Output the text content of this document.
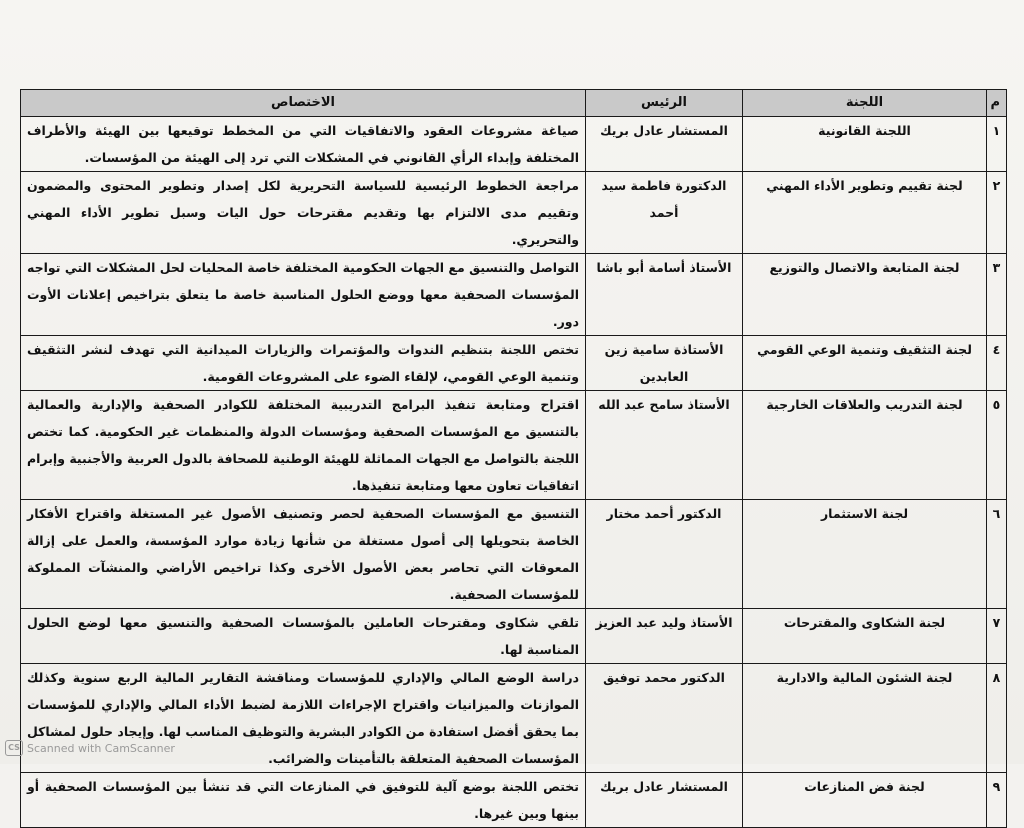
م	اللجنة	الرئيس	الاختصاص
١	اللجنة القانونية	المستشار عادل بريك	صياغة مشروعات العقود والاتفاقيات التي من المخطط توقيعها بين الهيئة والأطراف المختلفة وإبداء الرأي القانوني في المشكلات التي ترد إلى الهيئة من المؤسسات.
٢	لجنة تقييم وتطوير الأداء المهني	الدكتورة فاطمة سيد أحمد	مراجعة الخطوط الرئيسية للسياسة التحريرية لكل إصدار وتطوير المحتوى والمضمون وتقييم مدى الالتزام بها وتقديم مقترحات حول اليات وسبل تطوير الأداء المهني والتحريري.
٣	لجنة المتابعة والاتصال والتوزيع	الأستاذ أسامة أبو باشا	التواصل والتنسيق مع الجهات الحكومية المختلفة خاصة المحليات لحل المشكلات التي تواجه المؤسسات الصحفية معها ووضع الحلول المناسبة خاصة ما يتعلق بتراخيص إعلانات الأوت دور.
٤	لجنة التثقيف وتنمية الوعي القومي	الأستاذة سامية زين العابدين	تختص اللجنة بتنظيم الندوات والمؤتمرات والزيارات الميدانية التي تهدف لنشر التثقيف وتنمية الوعي القومي، لإلقاء الضوء على المشروعات القومية.
٥	لجنة التدريب والعلاقات الخارجية	الأستاذ سامح عبد الله	اقتراح ومتابعة تنفيذ البرامج التدريبية المختلفة للكوادر الصحفية والإدارية والعمالية بالتنسيق مع المؤسسات الصحفية ومؤسسات الدولة والمنظمات غير الحكومية. كما تختص اللجنة بالتواصل مع الجهات المماثلة للهيئة الوطنية للصحافة بالدول العربية والأجنبية وإبرام اتفاقيات تعاون معها ومتابعة تنفيذها.
٦	لجنة الاستثمار	الدكتور أحمد مختار	التنسيق مع المؤسسات الصحفية لحصر وتصنيف الأصول غير المستغلة واقتراح الأفكار الخاصة بتحويلها إلى أصول مستغلة من شأنها زيادة موارد المؤسسة، والعمل على إزالة المعوقات التي تحاصر بعض الأصول الأخرى وكذا تراخيص الأراضي والمنشآت المملوكة للمؤسسات الصحفية.
٧	لجنة الشكاوى والمقترحات	الأستاذ وليد عبد العزيز	تلقي شكاوى ومقترحات العاملين بالمؤسسات الصحفية والتنسيق معها لوضع الحلول المناسبة لها.
٨	لجنة الشئون المالية والادارية	الدكتور محمد توفيق	دراسة الوضع المالي والإداري للمؤسسات ومناقشة التقارير المالية الربع سنوية وكذلك الموازنات والميزانيات واقتراح الإجراءات اللازمة لضبط الأداء المالي والإداري للمؤسسات بما يحقق أفضل استفادة من الكوادر البشرية والتوظيف المناسب لها. وإيجاد حلول لمشاكل المؤسسات الصحفية المتعلقة بالتأمينات والضرائب.
٩	لجنة فض المنازعات	المستشار عادل بريك	تختص اللجنة بوضع آلية للتوفيق في المنازعات التي قد تنشأ بين المؤسسات الصحفية أو بينها وبين غيرها.
CS Scanned with CamScanner
